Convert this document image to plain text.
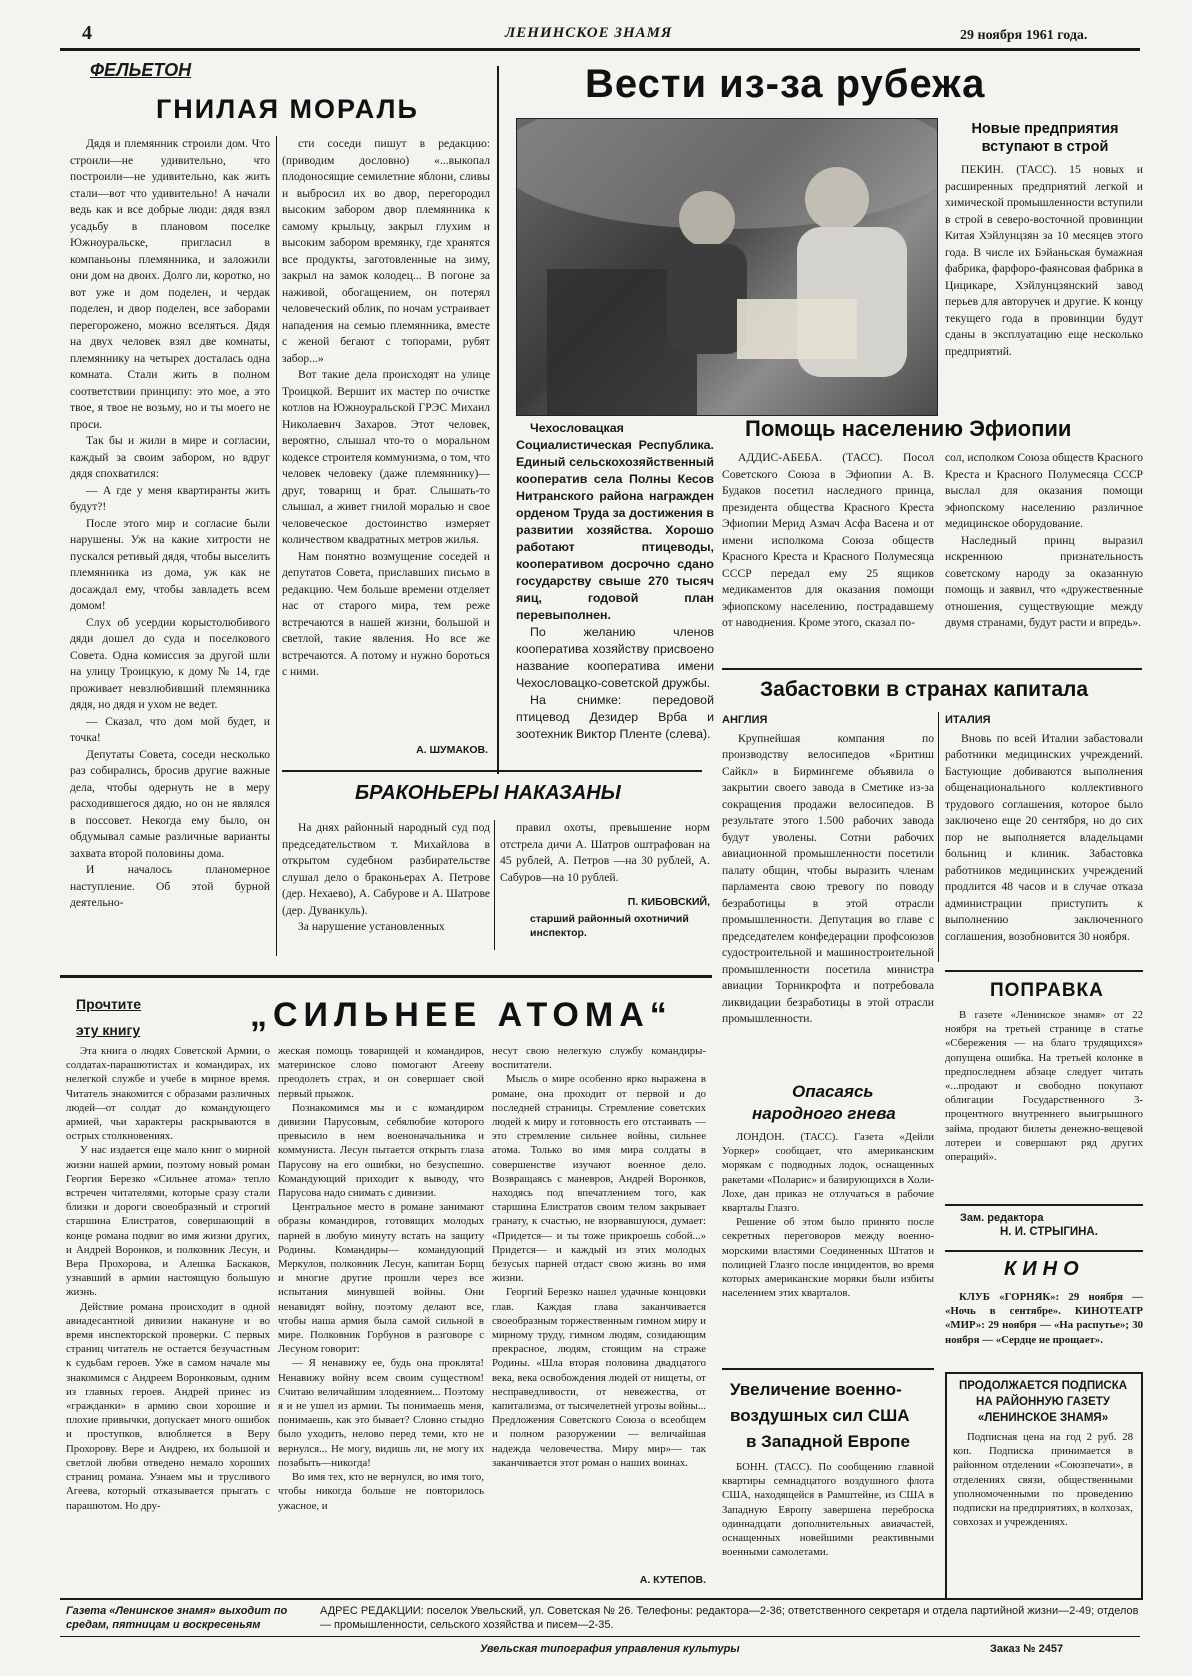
4	ЛЕНИНСКОЕ ЗНАМЯ	29 ноября 1961 года.
ФЕЛЬЕТОН
ГНИЛАЯ МОРАЛЬ

Дядя и племянник строили дом. Что строили—не удивительно, что построили—не удивительно, как жить стали—вот что удивительно! А начали ведь как и все добрые люди: дядя взял усадьбу в плановом поселке Южноуральске, пригласил в компаньоны племянника, и заложили они дом на двоих. Долго ли, коротко, но вот уже и дом поделен, и чердак поделен, и двор поделен, все заборами перегорожено, можно вселяться. Дядя на двух человек взял две комнаты, племяннику на четырех досталась одна комната. Стали жить в полном соответствии принципу: это мое, а это твое, я твое не возьму, но и ты моего не проси.

Так бы и жили в мире и согласии, каждый за своим забором, но вдруг дядя спохватился:

— А где у меня квартиранты жить будут?!

После этого мир и согласие были нарушены. Уж на какие хитрости не пускался ретивый дядя, чтобы выселить племянника из дома, уж как не досаждал ему, чтобы завладеть всем домом!

Слух об усердии корыстолюбивого дяди дошел до суда и поселкового Совета. Одна комиссия за другой шли на улицу Троицкую, к дому № 14, где проживает невзлюбивший племянника дядя, но дядя и ухом не ведет.

— Сказал, что дом мой будет, и точка!

Депутаты Совета, соседи несколько раз собирались, бросив другие важные дела, чтобы одернуть не в меру расходившегося дядю, но он не являлся в поссовет. Некогда ему было, он обдумывал самые различные варианты захвата второй половины дома.

И началось планомерное наступление. Об этой бурной деятельно-

сти соседи пишут в редакцию: (приводим дословно) «...выкопал плодоносящие семилетние яблони, сливы и выбросил их во двор, перегородил высоким забором двор племянника к самому крыльцу, закрыл глухим и высоким забором времянку, где хранятся все продукты, заготовленные на зиму, закрыл на замок колодец... В погоне за наживой, обогащением, он потерял человеческий облик, по ночам устраивает нападения на семью племянника, вместе с женой бегают с топорами, рубят забор...»

Вот такие дела происходят на улице Троицкой. Вершит их мастер по очистке котлов на Южноуральской ГРЭС Михаил Николаевич Захаров. Этот человек, вероятно, слышал что-то о моральном кодексе строителя коммунизма, о том, что человек человеку (даже племяннику)—друг, товарищ и брат. Слышать-то слышал, а живет гнилой моралью и свое человеческое достоинство измеряет количеством квадратных метров жилья.

Нам понятно возмущение соседей и депутатов Совета, приславших письмо в редакцию. Чем больше времени отделяет нас от старого мира, тем реже встречаются в нашей жизни, большой и светлой, такие явления. Но все же встречаются. А потому и нужно бороться с ними.

А. ШУМАКОВ.
БРАКОНЬЕРЫ НАКАЗАНЫ

На днях районный народный суд под председательством т. Михайлова в открытом судебном разбирательстве слушал дело о браконьерах А. Петрове (дер. Нехаево), А. Сабурове и А. Шатрове (дер. Дуванкуль).

За нарушение установленных

правил охоты, превышение норм отстрела дичи А. Шатров оштрафован на 45 рублей, А. Петров —на 30 рублей, А. Сабуров—на 10 рублей.

П. КИБОВСКИЙ,
старший районный охотничий инспектор.
Вести из-за рубежа

Чехословацкая Социалистическая Республика. Единый сельскохозяйственный кооператив села Полны Кесов Нитранского района награжден орденом Труда за достижения в развитии хозяйства. Хорошо работают птицеводы, кооперативом досрочно сдано государству свыше 270 тысяч яиц, годовой план перевыполнен.

По желанию членов кооператива хозяйству присвоено название кооператива имени Чехословацко-советской дружбы.

На снимке: передовой птицевод Дезидер Врба и зоотехник Виктор Пленте (слева).

Новые предприятия вступают в строй

ПЕКИН. (ТАСС). 15 новых и расширенных предприятий легкой и химической промышленности вступили в строй в северо-восточной провинции Китая Хэйлунцзян за 10 месяцев этого года. В числе их Бэйаньская бумажная фабрика, фарфоро-фаянсовая фабрика в Цицикаре, Хэйлунцзянский завод перьев для авторучек и другие. К концу текущего года в провинции будут сданы в эксплуатацию еще несколько предприятий.

Помощь населению Эфиопии

АДДИС-АБЕБА. (ТАСС). Посол Советского Союза в Эфиопии А. В. Будаков посетил наследного принца, президента общества Красного Креста Эфиопии Мерид Азмач Асфа Васена и от имени исполкома Союза обществ Красного Креста и Красного Полумесяца СССР передал ему 25 ящиков медикаментов для оказания помощи эфиопскому населению, пострадавшему от наводнения. Кроме этого, сказал по-

сол, исполком Союза обществ Красного Креста и Красного Полумесяца СССР выслал для оказания помощи эфиопскому населению различное медицинское оборудование.

Наследный принц выразил искреннюю признательность советскому народу за оказанную помощь и заявил, что «дружественные отношения, существующие между двумя странами, будут расти и впредь».

Забастовки в странах капитала
АНГЛИЯ

Крупнейшая компания по производству велосипедов «Бритиш Сайкл» в Бирмингеме объявила о закрытии своего завода в Сметике из-за сокращения продажи велосипедов. В результате этого 1.500 рабочих завода будут уволены. Сотни рабочих авиационной промышленности посетили палату общин, чтобы выразить членам парламента свою тревогу по поводу безработицы в этой отрасли промышленности. Депутация во главе с председателем конфедерации профсоюзов судостроительной и машиностроительной промышленности посетила министра авиации Торникрофта и потребовала ликвидации безработицы в этой отрасли промышленности.

ИТАЛИЯ

Вновь по всей Италии забастовали работники медицинских учреждений. Бастующие добиваются выполнения общенационального коллективного трудового соглашения, которое было заключено еще 20 сентября, но до сих пор не выполняется владельцами больниц и клиник. Забастовка работников медицинских учреждений продлится 48 часов и в случае отказа администрации приступить к выполнению заключенного соглашения, возобновится 30 ноября.

Опасаясь
народного гнева

ЛОНДОН. (ТАСС). Газета «Дейли Уоркер» сообщает, что американским морякам с подводных лодок, оснащенных ракетами «Поларис» и базирующихся в Холи-Лохе, дан приказ не отлучаться в рабочие кварталы Глазго.

Решение об этом было принято после секретных переговоров между военно-морскими властями Соединенных Штатов и полицией Глазго после инцидентов, во время которых американские моряки были избиты населением этих кварталов.

Увеличение военно-
воздушных сил США
в Западной Европе

БОНН. (ТАСС). По сообщению главной квартиры семнадцатого воздушного флота США, находящейся в Рамштейне, из США в Западную Европу завершена переброска одиннадцати дополнительных авиачастей, оснащенных новейшими реактивными военными самолетами.

Прочтите
эту книгу	„СИЛЬНЕЕ АТОМА“

Эта книга о людях Советской Армии, о солдатах-парашютистах и командирах, их нелегкой службе и учебе в мирное время. Читатель знакомится с образами различных людей—от солдат до командующего армией, чьи характеры раскрываются в острых столкновениях.

У нас издается еще мало книг о мирной жизни нашей армии, поэтому новый роман Георгия Березко «Сильнее атома» тепло встречен читателями, которые сразу стали близки и дороги своеобразный и строгий старшина Елистратов, совершающий в конце романа подвиг во имя жизни других, и Андрей Воронков, и полковник Лесун, и Вера Прохорова, и Алешка Баскаков, узнавший в армии настоящую большую жизнь.

Действие романа происходит в одной авиадесантной дивизии накануне и во время инспекторской проверки. С первых страниц читатель не остается безучастным к судьбам героев. Уже в самом начале мы знакомимся с Андреем Воронковым, одним из главных героев. Андрей принес из «гражданки» в армию свои хорошие и плохие привычки, допускает много ошибок и проступков, влюбляется в Веру Прохорову. Вере и Андрею, их большой и светлой любви отведено немало хороших страниц романа. Узнаем мы и трусливого Агеева, который отказывается прыгать с парашютом. Но дру-

жеская помощь товарищей и командиров, материнское слово помогают Агееву преодолеть страх, и он совершает свой первый прыжок.

Познакомимся мы и с командиром дивизии Парусовым, себялюбие которого превысило в нем военоначальника и коммуниста. Лесун пытается открыть глаза Парусову на его ошибки, но безуспешно. Командующий приходит к выводу, что Парусова надо снимать с дивизии.

Центральное место в романе занимают образы командиров, готовящих молодых парней в любую минуту встать на защиту Родины. Командиры— командующий Меркулов, полковник Лесун, капитан Борщ и многие другие прошли через все испытания минувшей войны. Они ненавидят войну, поэтому делают все, чтобы наша армия была самой сильной в мире. Полковник Горбунов в разговоре с Лесуном говорит:

— Я ненавижу ее, будь она проклята! Ненавижу войну всем своим существом! Считаю величайшим злодеянием... Поэтому я и не ушел из армии. Ты понимаешь меня, понимаешь, как это бывает? Словно стыдно было уходить, нелово перед теми, кто не вернулся... Не могу, видишь ли, не могу их позабыть—никогда!

Во имя тех, кто не вернулся, во имя того, чтобы никогда больше не повторилось ужасное, и

несут свою нелегкую службу командиры-воспитатели.

Мысль о мире особенно ярко выражена в романе, она проходит от первой и до последней страницы. Стремление советских людей к миру и готовность его отстаивать — это стремление сильнее войны, сильнее атома. Только во имя мира солдаты в совершенстве изучают военное дело. Возвращаясь с маневров, Андрей Воронков, находясь под впечатлением того, как старшина Елистратов своим телом закрывает гранату, к счастью, не взорвавшуюся, думает: «Придется— и ты тоже прикроешь собой...» Придется— и каждый из этих молодых безусых парней отдаст свою жизнь во имя жизни.

Георгий Березко нашел удачные концовки глав. Каждая глава заканчивается своеобразным торжественным гимном миру и мирному труду, гимном людям, созидающим прекрасное, людям, стоящим на страже Родины. «Шла вторая половина двадцатого века, века освобождения людей от нищеты, от несправедливости, от невежества, от капитализма, от тысячелетней угрозы войны... Предложения Советского Союза о всеобщем и полном разоружении — величайшая надежда человечества. Миру мир»— так заканчивается этот роман о наших воинах.

А. КУТЕПОВ.
ПОПРАВКА

В газете «Ленинское знамя» от 22 ноября на третьей странице в статье «Сбережения — на благо трудящихся» допущена ошибка. На третьей колонке в предпоследнем абзаце следует читать «...продают и свободно покупают облигации Государственного 3-процентного внутреннего выигрышного займа, продают билеты денежно-вещевой лотереи и совершают ряд других операций».

Зам. редактора
Н. И. СТРЫГИНА.
КИНО

КЛУБ «ГОРНЯК»: 29 ноября — «Ночь в сентябре». КИНОТЕАТР «МИР»: 29 ноября — «На распутье»; 30 ноября — «Сердце не прощает».

ПРОДОЛЖАЕТСЯ ПОДПИСКА
НА РАЙОННУЮ ГАЗЕТУ
«ЛЕНИНСКОЕ ЗНАМЯ»

Подписная цена на год 2 руб. 28 коп. Подписка принимается в районном отделении «Союзпечати», в отделениях связи, общественными уполномоченными по проведению подписки на предприятиях, в колхозах, совхозах и учреждениях.

Газета «Ленинское знамя» выходит по средам, пятницам и воскресеньям
АДРЕС РЕДАКЦИИ: поселок Увельский, ул. Советская № 26. Телефоны: редактора—2-36; ответственного секретаря и отдела партийной жизни—2-49; отделов — промышленности, сельского хозяйства и писем—2-35.
Увельская типография управления культуры	Заказ № 2457
